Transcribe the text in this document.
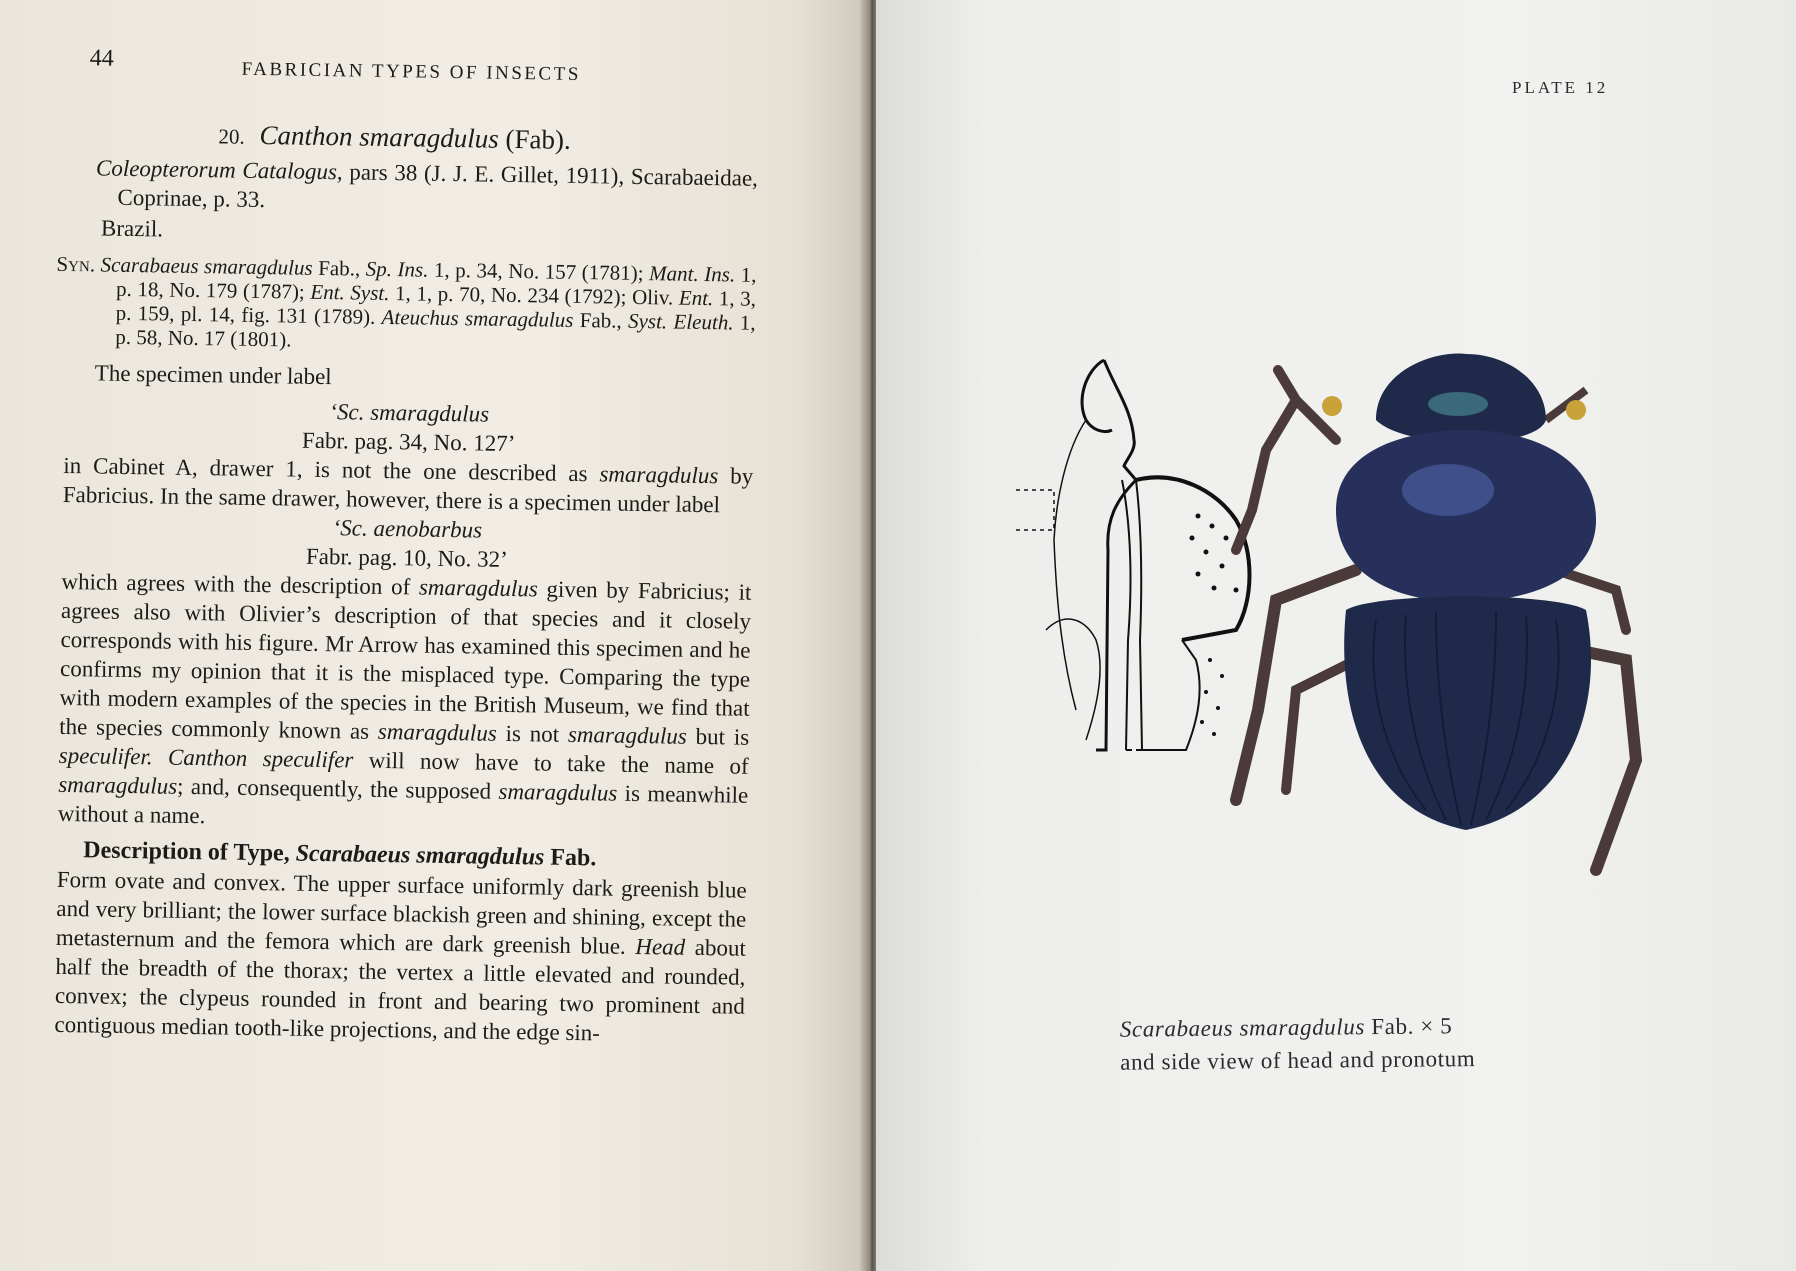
44
FABRICIAN TYPES OF INSECTS
20. Canthon smaragdulus (Fab).

Coleopterorum Catalogus, pars 38 (J. J. E. Gillet, 1911), Scarabaeidae, Coprinae, p. 33.

Brazil.

Syn. Scarabaeus smaragdulus Fab., Sp. Ins. 1, p. 34, No. 157 (1781); Mant. Ins. 1, p. 18, No. 179 (1787); Ent. Syst. 1, 1, p. 70, No. 234 (1792); Oliv. Ent. 1, 3, p. 159, pl. 14, fig. 131 (1789). Ateuchus smaragdulus Fab., Syst. Eleuth. 1, p. 58, No. 17 (1801).

The specimen under label

‘Sc. smaragdulus

Fabr. pag. 34, No. 127’

in Cabinet A, drawer 1, is not the one described as smaragdulus by Fabricius. In the same drawer, however, there is a specimen under label

‘Sc. aenobarbus

Fabr. pag. 10, No. 32’

which agrees with the description of smaragdulus given by Fabricius; it agrees also with Olivier’s description of that species and it closely corresponds with his figure. Mr Arrow has examined this specimen and he confirms my opinion that it is the misplaced type. Comparing the type with modern examples of the species in the British Museum, we find that the species commonly known as smaragdulus is not smaragdulus but is speculifer. Canthon speculifer will now have to take the name of smaragdulus; and, consequently, the supposed smaragdulus is meanwhile without a name.

Description of Type, Scarabaeus smaragdulus Fab.

Form ovate and convex. The upper surface uniformly dark greenish blue and very brilliant; the lower surface blackish green and shining, except the metasternum and the femora which are dark greenish blue. Head about half the breadth of the thorax; the vertex a little elevated and rounded, convex; the clypeus rounded in front and bearing two prominent and contiguous median tooth-like projections, and the edge sin-

PLATE 12
Scarabaeus smaragdulus Fab. × 5
and side view of head and pronotum
